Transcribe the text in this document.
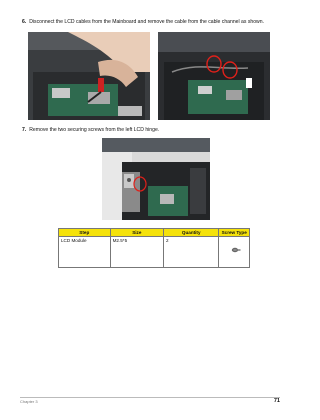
6. Disconnect the LCD cables from the Mainboard and remove the cable from the cable channel as shown.
7. Remove the two securing screws from the left LCD hinge.
Step	Size	Quantity	Screw Type
LCD Module	M2.5*5	2	
Chapter 3	71
